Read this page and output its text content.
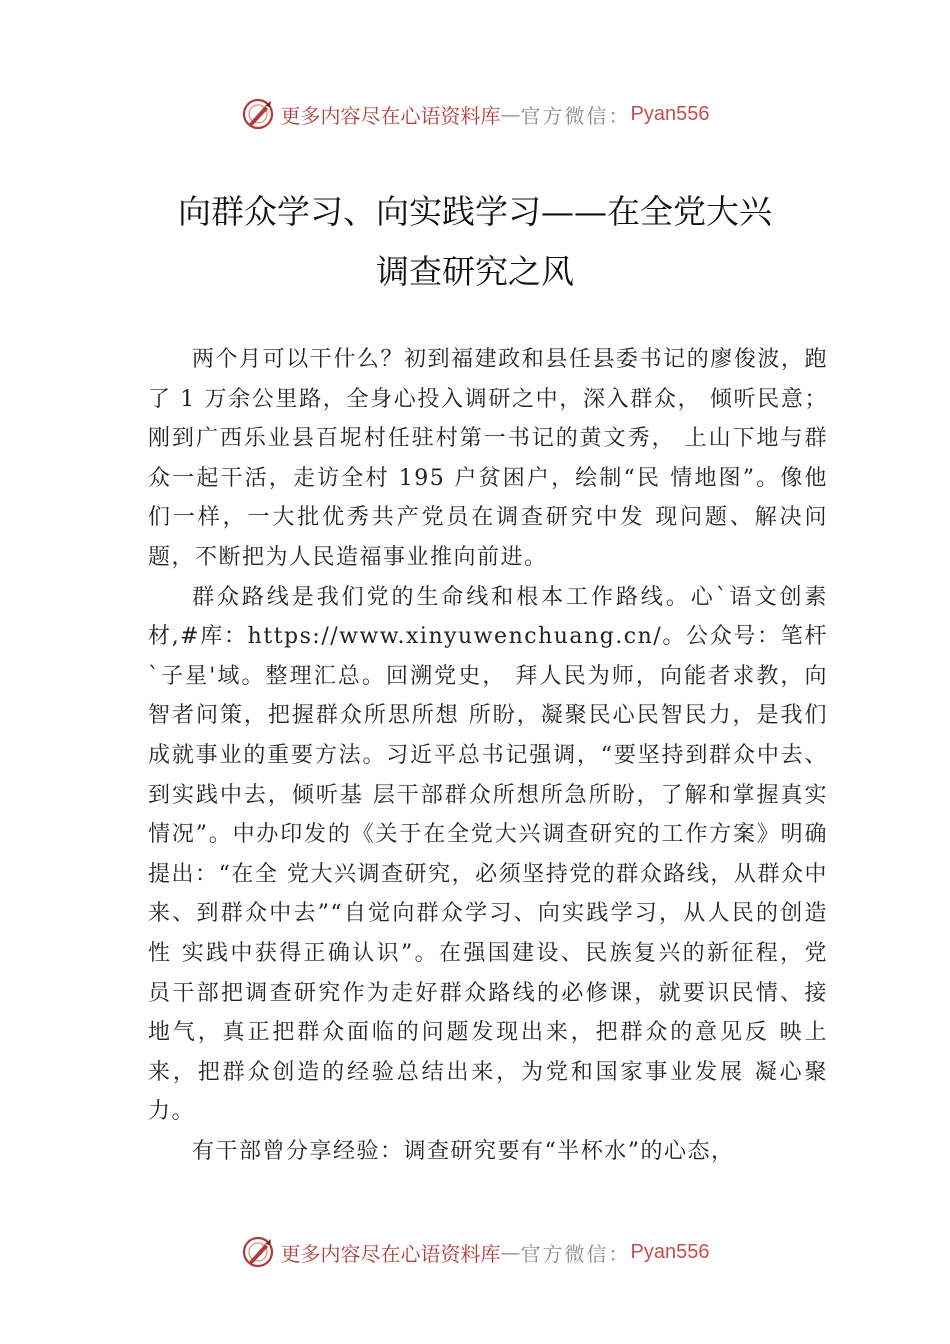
更多内容尽在心语资料库 — 官方微信： Pyan556
向群众学习、向实践学习——在全党大兴
调查研究之风

两个月可以干什么？初到福建政和县任县委书记的廖俊波，跑了 1 万余公里路，全身心投入调研之中，深入群众， 倾听民意；刚到广西乐业县百坭村任驻村第一书记的黄文秀， 上山下地与群众一起干活，走访全村 195 户贫困户，绘制“民 情地图”。像他们一样，一大批优秀共产党员在调查研究中发 现问题、解决问题，不断把为人民造福事业推向前进。

群众路线是我们党的生命线和根本工作路线。心`语文创素材,#库：https://www.xinyuwenchuang.cn/。公众号：笔杆`子星'域。整理汇总。回溯党史， 拜人民为师，向能者求教，向智者问策，把握群众所思所想 所盼，凝聚民心民智民力，是我们成就事业的重要方法。习近平总书记强调，“要坚持到群众中去、到实践中去，倾听基 层干部群众所想所急所盼，了解和掌握真实情况”。中办印发的《关于在全党大兴调查研究的工作方案》明确提出：“在全 党大兴调查研究，必须坚持党的群众路线，从群众中来、到群众中去”“自觉向群众学习、向实践学习，从人民的创造性 实践中获得正确认识”。在强国建设、民族复兴的新征程，党 员干部把调查研究作为走好群众路线的必修课，就要识民情、接地气，真正把群众面临的问题发现出来，把群众的意见反 映上来，把群众创造的经验总结出来，为党和国家事业发展 凝心聚力。

有干部曾分享经验：调查研究要有“半杯水”的心态，

更多内容尽在心语资料库 — 官方微信： Pyan556
